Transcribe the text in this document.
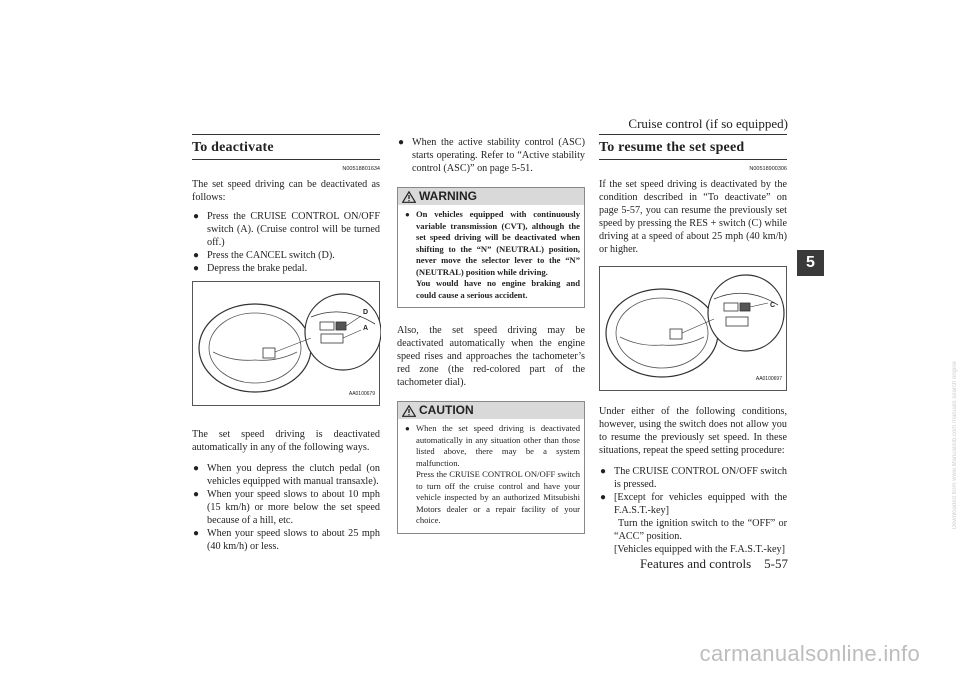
Cruise control (if so equipped)
5
To deactivate
N00518801634

The set speed driving can be deactivated as follows:

● Press the CRUISE CONTROL ON/OFF switch (A). (Cruise control will be turned off.)
● Press the CANCEL switch (D).
● Depress the brake pedal.
D
A
AA0100679

The set speed driving is deactivated automatically in any of the following ways.

● When you depress the clutch pedal (on vehicles equipped with manual transaxle).
● When your speed slows to about 10 mph (15 km/h) or more below the set speed because of a hill, etc.
● When your speed slows to about 25 mph (40 km/h) or less.
● When the active stability control (ASC) starts operating. Refer to “Active stability control (ASC)” on page 5-51.
WARNING
● On vehicles equipped with continuously variable transmission (CVT), although the set speed driving will be deactivated when shifting to the “N” (NEUTRAL) position, never move the selector lever to the “N” (NEUTRAL) position while driving.
You would have no engine braking and could cause a serious accident.

Also, the set speed driving may be deactivated automatically when the engine speed rises and approaches the tachometer’s red zone (the red-colored part of the tachometer dial).

CAUTION
● When the set speed driving is deactivated automatically in any situation other than those listed above, there may be a system malfunction.
Press the CRUISE CONTROL ON/OFF switch to turn off the cruise control and have your vehicle inspected by an authorized Mitsubishi Motors dealer or a repair facility of your choice.
To resume the set speed
N00518900306

If the set speed driving is deactivated by the condition described in “To deactivate” on page 5-57, you can resume the previously set speed by pressing the RES + switch (C) while driving at a speed of about 25 mph (40 km/h) or higher.

C
AA0100697

Under either of the following conditions, however, using the switch does not allow you to resume the previously set speed. In these situations, repeat the speed setting procedure:

● The CRUISE CONTROL ON/OFF switch is pressed.
● [Except for vehicles equipped with the F.A.S.T.-key]
Turn the ignition switch to the “OFF” or “ACC” position.
[Vehicles equipped with the F.A.S.T.-key]
Features and controls 5-57
carmanualsonline.info
Downloaded from www.Manualslib.com manuals search engine
